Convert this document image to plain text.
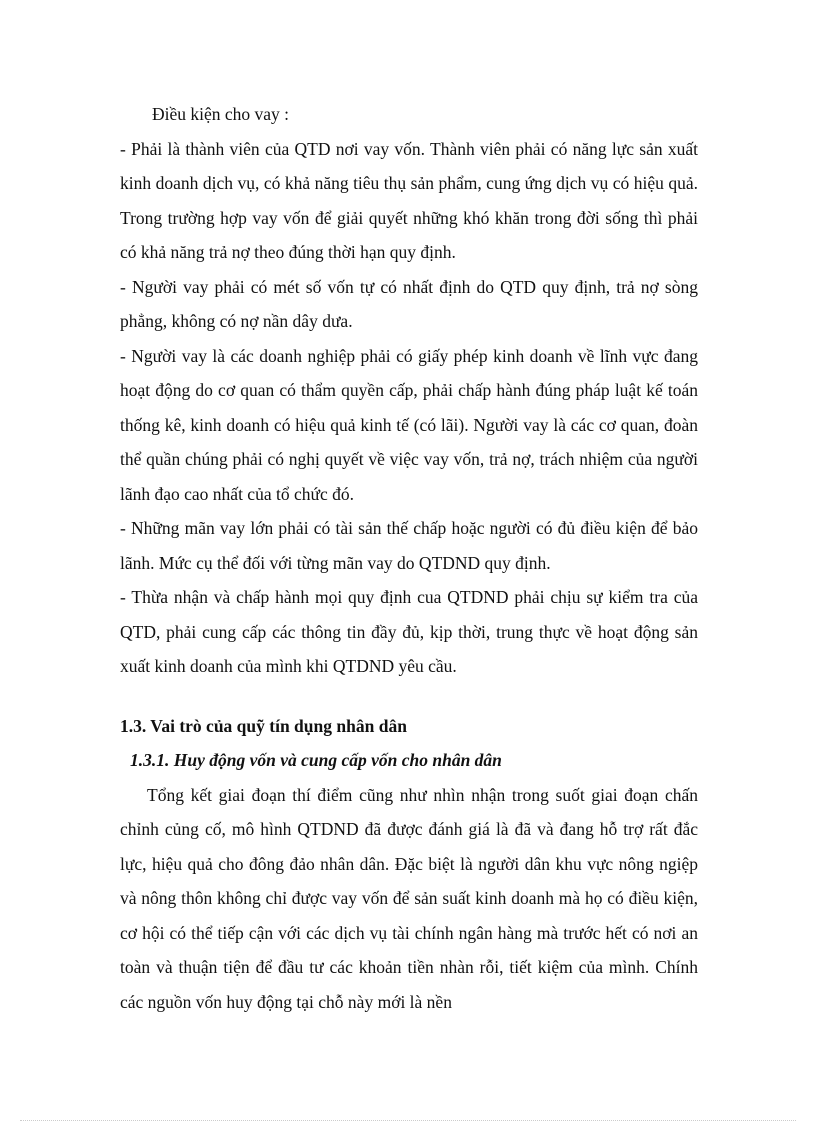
Điều kiện cho vay :

- Phải là thành viên của QTD nơi vay vốn. Thành viên phải có năng lực sản xuất kinh doanh dịch vụ, có khả năng tiêu thụ sản phẩm, cung ứng dịch vụ có hiệu quả. Trong trường hợp vay vốn để giải quyết những khó khăn trong đời sống thì phải có khả năng trả nợ theo đúng thời hạn quy định.

- Người vay phải có mét số vốn tự có nhất định do QTD quy định, trả nợ sòng phẳng, không có nợ nần dây dưa.

- Người vay là các doanh nghiệp phải có giấy phép kinh doanh về lĩnh vực đang hoạt động do cơ quan có thẩm quyền cấp, phải chấp hành đúng pháp luật kế toán thống kê, kinh doanh có hiệu quả kinh tế (có lãi). Người vay là các cơ quan, đoàn thể quần chúng phải có nghị quyết về việc vay vốn, trả nợ, trách nhiệm của người lãnh đạo cao nhất của tổ chức đó.

- Những mãn vay lớn phải có tài sản thế chấp hoặc người có đủ điều kiện để bảo lãnh. Mức cụ thể đối với từng mãn vay do QTDND quy định.

- Thừa nhận và chấp hành mọi quy định cua QTDND phải chịu sự kiểm tra của QTD, phải cung cấp các thông tin đầy đủ, kịp thời, trung thực về hoạt động sản xuất kinh doanh của mình khi QTDND yêu cầu.

1.3. Vai trò của quỹ tín dụng nhân dân
1.3.1. Huy động vốn và cung cấp vốn cho nhân dân

Tổng kết giai đoạn thí điểm cũng như nhìn nhận trong suốt giai đoạn chấn chỉnh củng cố, mô hình QTDND đã được đánh giá là đã và đang hỗ trợ rất đắc lực, hiệu quả cho đông đảo nhân dân. Đặc biệt là người dân khu vực nông ngiệp và nông thôn không chỉ được vay vốn để sản suất kinh doanh mà họ có điều kiện, cơ hội có thể tiếp cận với các dịch vụ tài chính ngân hàng mà trước hết có nơi an toàn và thuận tiện để đầu tư các khoản tiền nhàn rỗi, tiết kiệm của mình. Chính các nguồn vốn huy động tại chỗ này mới là nền
